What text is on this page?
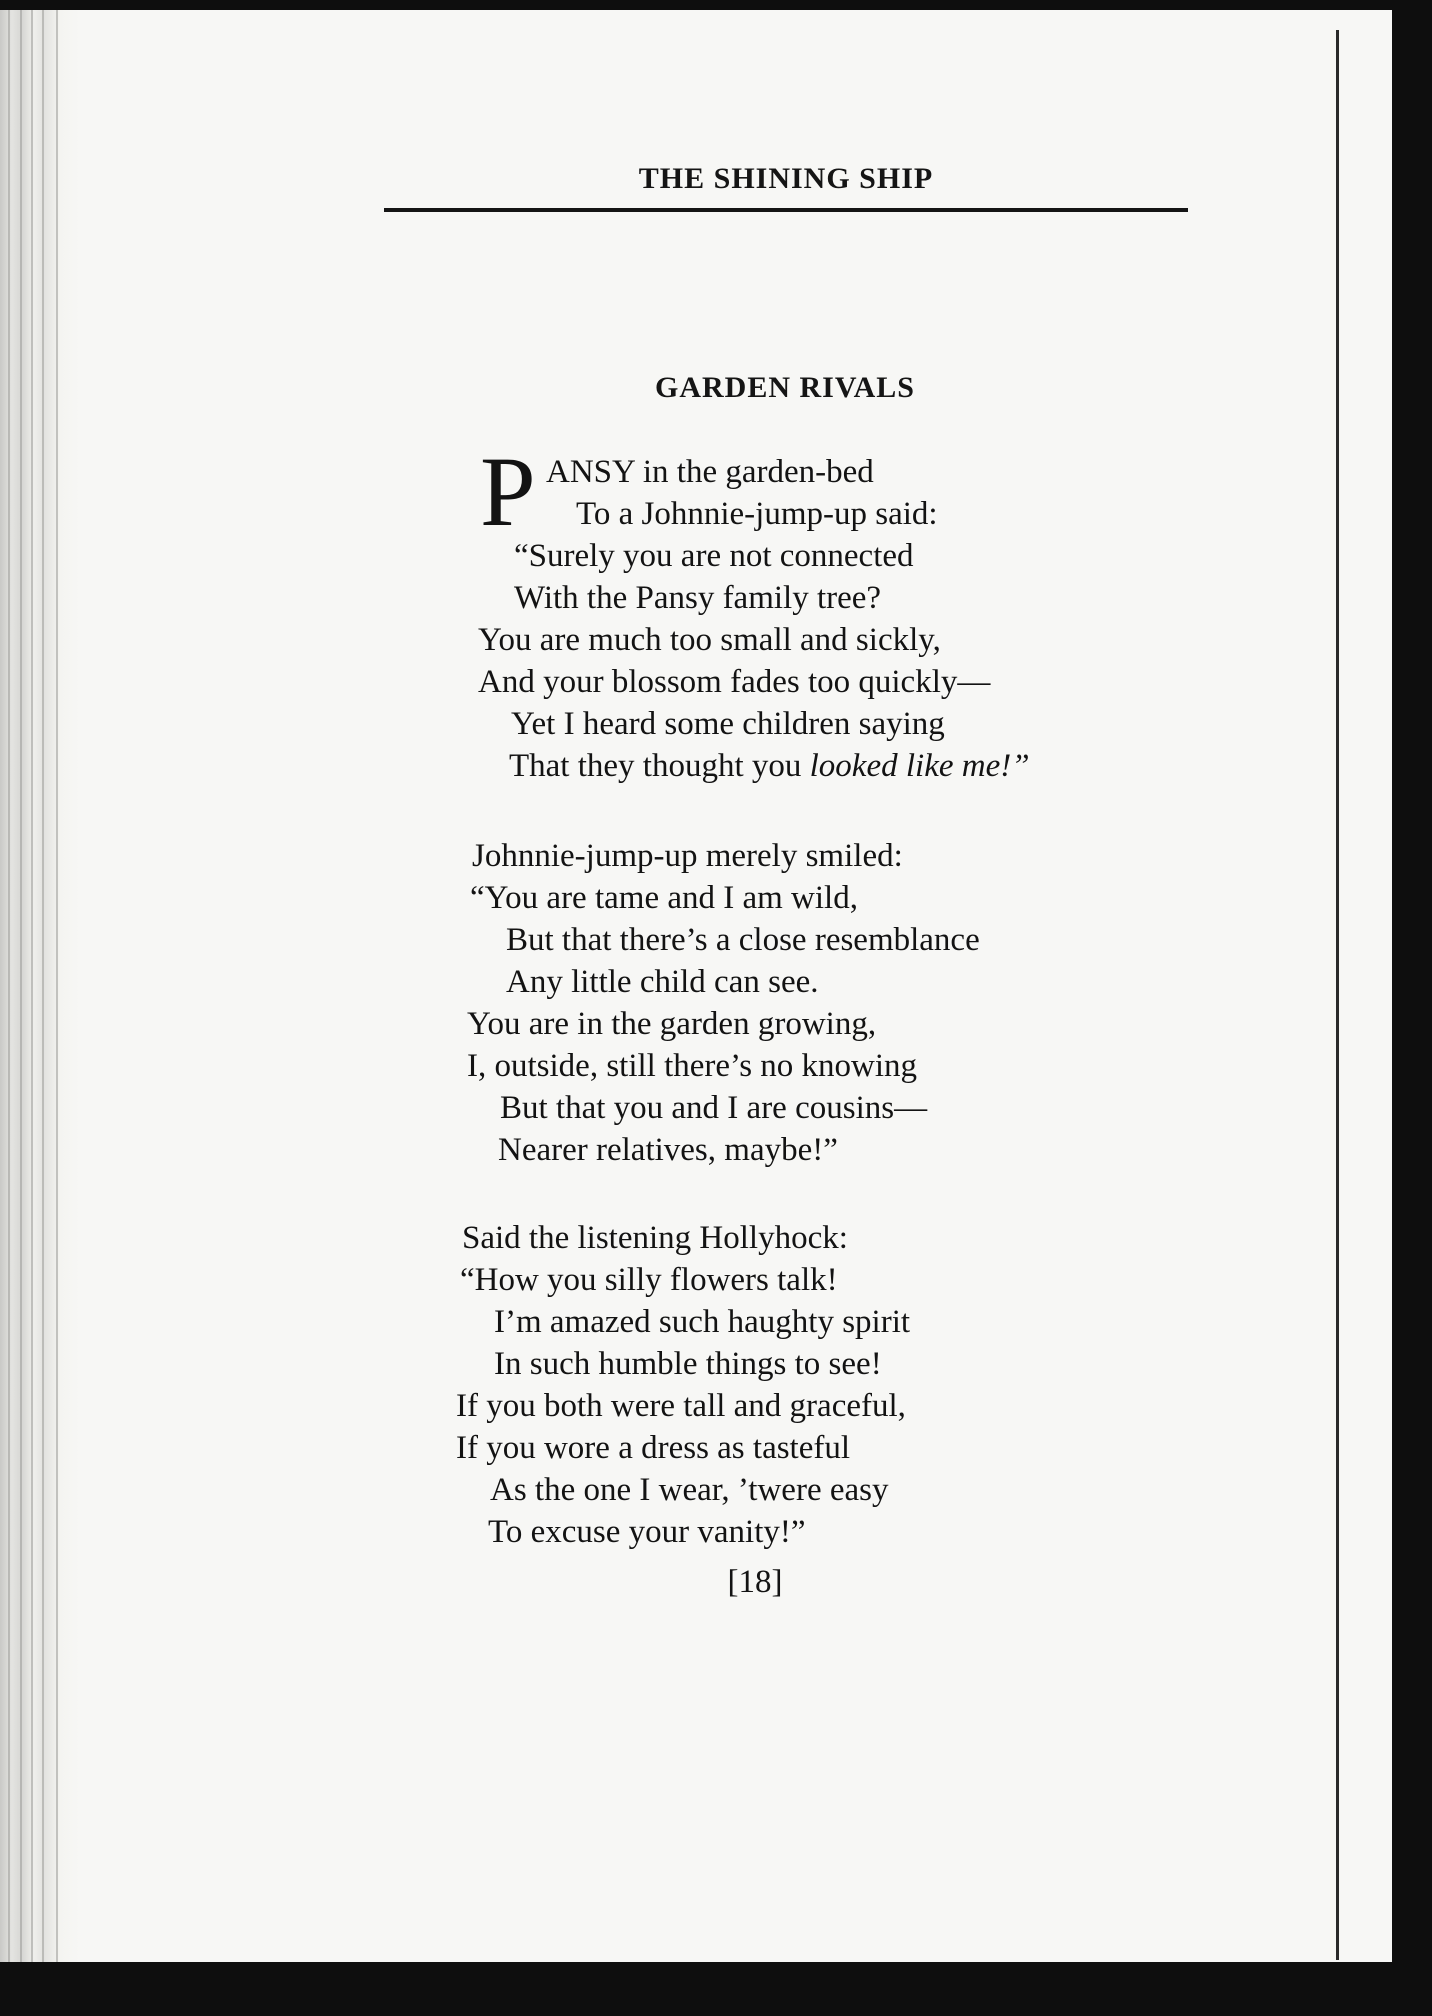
THE SHINING SHIP
GARDEN RIVALS
P ANSY in the garden-bed
To a Johnnie-jump-up said:
“Surely you are not connected
With the Pansy family tree?
You are much too small and sickly,
And your blossom fades too quickly—
Yet I heard some children saying
That they thought you looked like me!”
Johnnie-jump-up merely smiled:
“You are tame and I am wild,
But that there’s a close resemblance
Any little child can see.
You are in the garden growing,
I, outside, still there’s no knowing
But that you and I are cousins—
Nearer relatives, maybe!”
Said the listening Hollyhock:
“How you silly flowers talk!
I’m amazed such haughty spirit
In such humble things to see!
If you both were tall and graceful,
If you wore a dress as tasteful
As the one I wear, ’twere easy
To excuse your vanity!”
[18]
